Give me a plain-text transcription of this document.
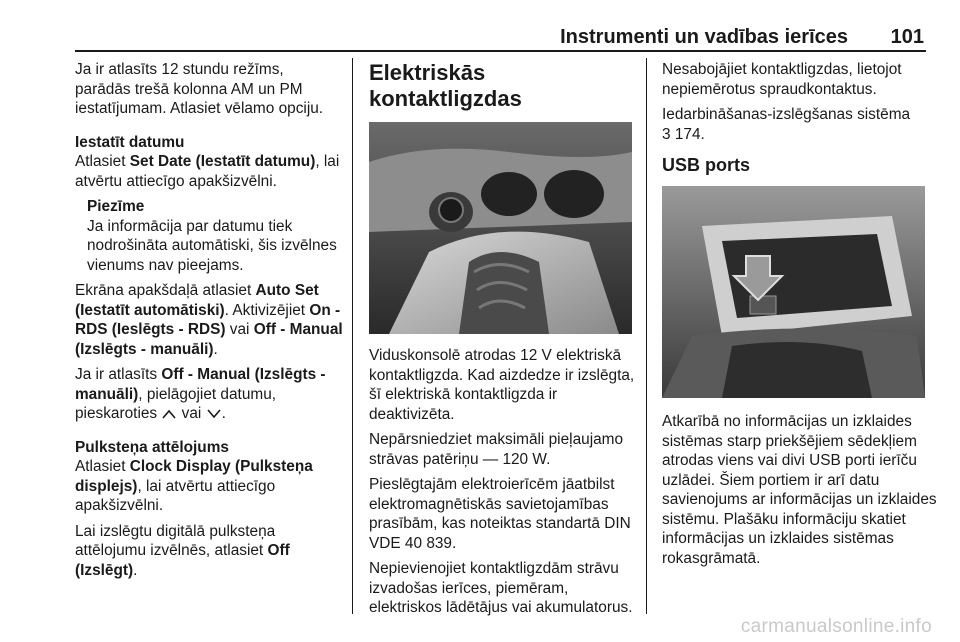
Instrumenti un vadības ierīces 101

Ja ir atlasīts 12 stundu režīms, parādās trešā kolonna AM un PM iestatījumam. Atlasiet vēlamo opciju.

Iestatīt datumu

Atlasiet Set Date (Iestatīt datumu), lai atvērtu attiecīgo apakšizvēlni.

Piezīme

Ja informācija par datumu tiek nodrošināta automātiski, šis izvēlnes vienums nav pieejams.

Ekrāna apakšdaļā atlasiet Auto Set (Iestatīt automātiski). Aktivizējiet On - RDS (Ieslēgts - RDS) vai Off - Manual (Izslēgts - manuāli).

Ja ir atlasīts Off - Manual (Izslēgts - manuāli), pielāgojiet datumu, pieskaroties  vai .

Pulksteņa attēlojums

Atlasiet Clock Display (Pulksteņa displejs), lai atvērtu attiecīgo apakšizvēlni.

Lai izslēgtu digitālā pulksteņa attēlojumu izvēlnēs, atlasiet Off (Izslēgt).

Elektriskās kontaktligzdas

Viduskonsolē atrodas 12 V elektriskā kontaktligzda. Kad aizdedze ir izslēgta, šī elektriskā kontaktligzda ir deaktivizēta.

Nepārsniedziet maksimāli pieļaujamo strāvas patēriņu — 120 W.

Pieslēgtajām elektroierīcēm jāatbilst elektromagnētiskās savietojamības prasībām, kas noteiktas standartā DIN VDE 40 839.

Nepievienojiet kontaktligzdām strāvu izvadošas ierīces, piemēram, elektriskos lādētājus vai akumulatorus.

Nesabojājiet kontaktligzdas, lietojot nepiemērotus spraudkontaktus.

Iedarbināšanas-izslēgšanas sistēma
3 174.

USB ports

Atkarībā no informācijas un izklaides sistēmas starp priekšējiem sēdekļiem atrodas viens vai divi USB porti ierīču uzlādei. Šiem portiem ir arī datu savienojums ar informācijas un izklaides sistēmu. Plašāku informāciju skatiet informācijas un izklaides sistēmas rokasgrāmatā.

carmanualsonline.info
